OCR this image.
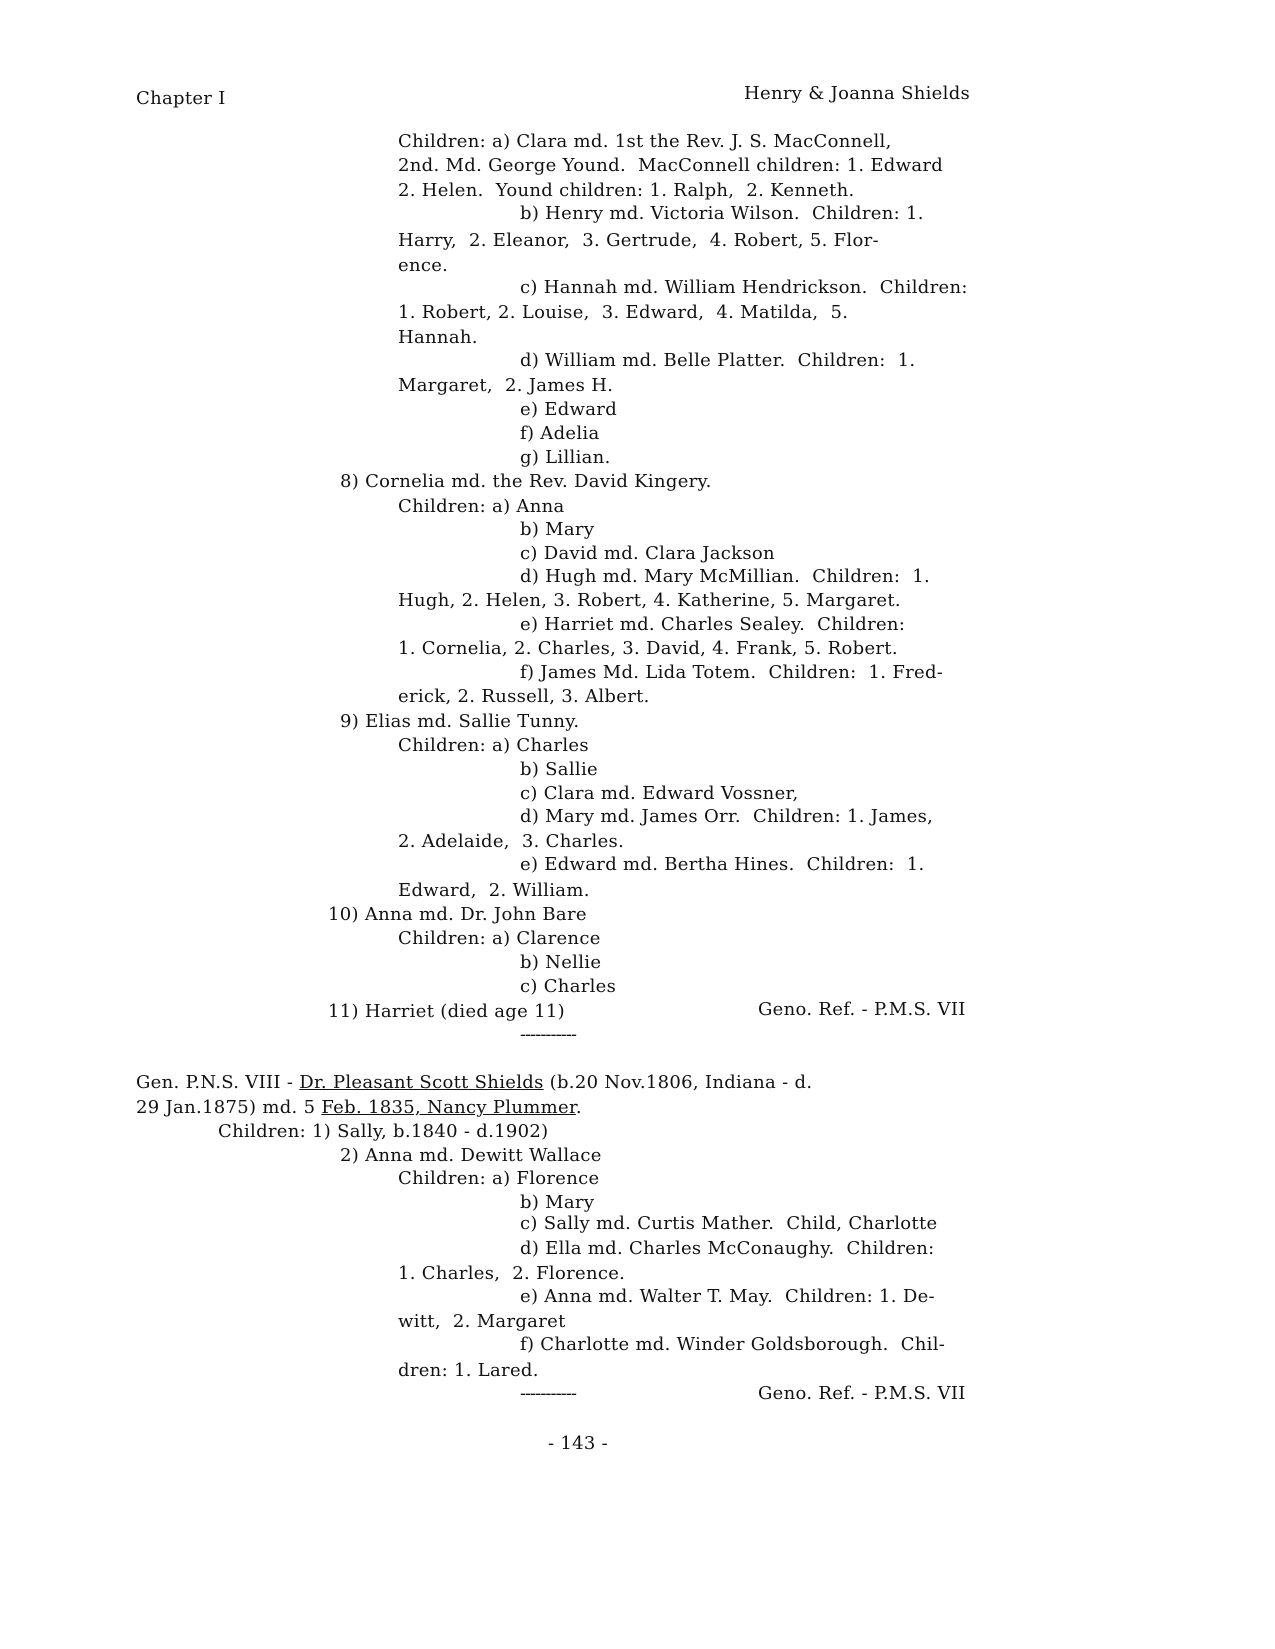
Chapter I	Henry & Joanna Shields
Children: a) Clara md. 1st the Rev. J. S. MacConnell,
2nd. Md. George Yound.  MacConnell children: 1. Edward
2. Helen.  Yound children: 1. Ralph,  2. Kenneth.
b) Henry md. Victoria Wilson.  Children: 1.
Harry,  2. Eleanor,  3. Gertrude,  4. Robert, 5. Flor-
ence.
c) Hannah md. William Hendrickson.  Children:
1. Robert, 2. Louise,  3. Edward,  4. Matilda,  5.
Hannah.
d) William md. Belle Platter.  Children:  1.
Margaret,  2. James H.
e) Edward
f) Adelia
g) Lillian.
8) Cornelia md. the Rev. David Kingery.
Children: a) Anna
b) Mary
c) David md. Clara Jackson
d) Hugh md. Mary McMillian.  Children:  1.
Hugh, 2. Helen, 3. Robert, 4. Katherine, 5. Margaret.
e) Harriet md. Charles Sealey.  Children:
1. Cornelia, 2. Charles, 3. David, 4. Frank, 5. Robert.
f) James Md. Lida Totem.  Children:  1. Fred-
erick, 2. Russell, 3. Albert.
9) Elias md. Sallie Tunny.
Children: a) Charles
b) Sallie
c) Clara md. Edward Vossner,
d) Mary md. James Orr.  Children: 1. James,
2. Adelaide,  3. Charles.
e) Edward md. Bertha Hines.  Children:  1.
Edward,  2. William.
10) Anna md. Dr. John Bare
Children: a) Clarence
b) Nellie
c) Charles
11) Harriet (died age 11)	Geno. Ref. - P.M.S. VII
-----------
Gen. P.N.S. VIII - Dr. Pleasant Scott Shields (b.20 Nov.1806, Indiana - d.
29 Jan.1875) md. 5 Feb. 1835, Nancy Plummer.
Children: 1) Sally, b.1840 - d.1902)
2) Anna md. Dewitt Wallace
Children: a) Florence
b) Mary
c) Sally md. Curtis Mather.  Child, Charlotte
d) Ella md. Charles McConaughy.  Children:
1. Charles,  2. Florence.
e) Anna md. Walter T. May.  Children: 1. De-
witt,  2. Margaret
f) Charlotte md. Winder Goldsborough.  Chil-
dren: 1. Lared.
-----------	Geno. Ref. - P.M.S. VII
- 143 -
